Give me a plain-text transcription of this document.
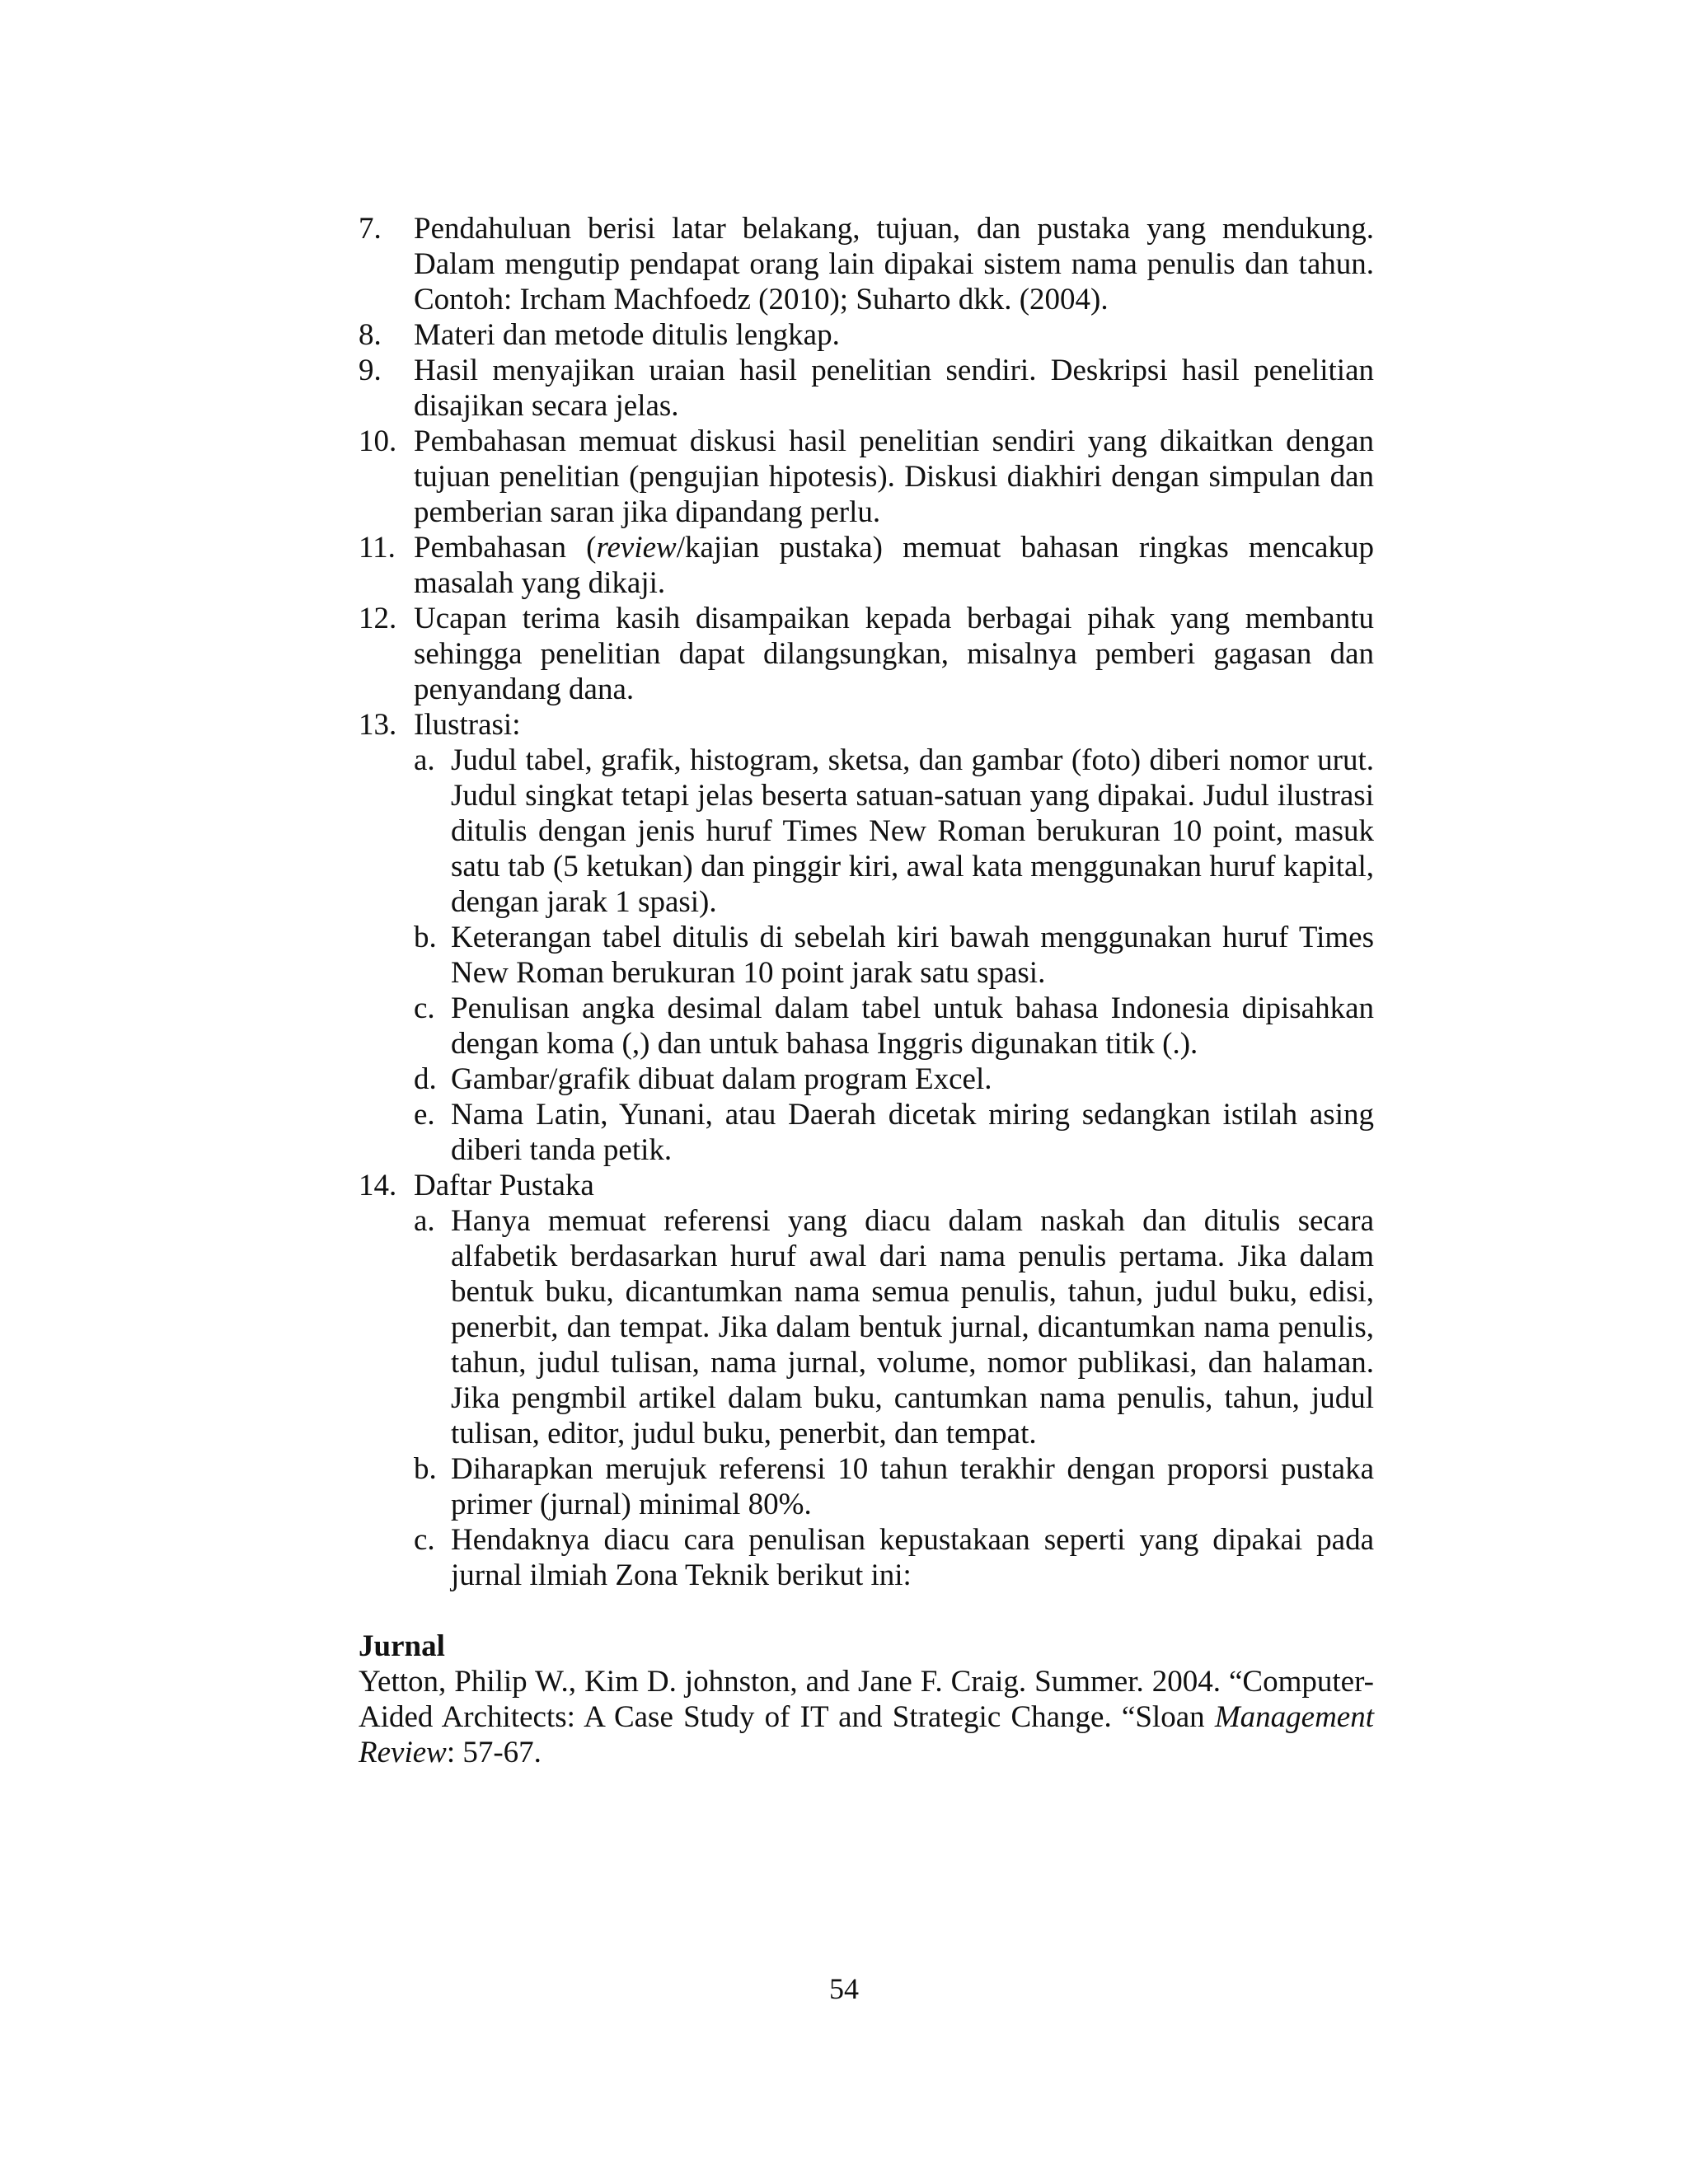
7. Pendahuluan berisi latar belakang, tujuan, dan pustaka yang mendukung. Dalam mengutip pendapat orang lain dipakai sistem nama penulis dan tahun. Contoh: Ircham Machfoedz (2010); Suharto dkk. (2004).
8. Materi dan metode ditulis lengkap.
9. Hasil menyajikan uraian hasil penelitian sendiri. Deskripsi hasil penelitian disajikan secara jelas.
10. Pembahasan memuat diskusi hasil penelitian sendiri yang dikaitkan dengan tujuan penelitian (pengujian hipotesis). Diskusi diakhiri dengan simpulan dan pemberian saran jika dipandang perlu.
11. Pembahasan (review/kajian pustaka) memuat bahasan ringkas mencakup masalah yang dikaji.
12. Ucapan terima kasih disampaikan kepada berbagai pihak yang membantu sehingga penelitian dapat dilangsungkan, misalnya pemberi gagasan dan penyandang dana.
13. Ilustrasi:
a. Judul tabel, grafik, histogram, sketsa, dan gambar (foto) diberi nomor urut. Judul singkat tetapi jelas beserta satuan-satuan yang dipakai. Judul ilustrasi ditulis dengan jenis huruf Times New Roman berukuran 10 point, masuk satu tab (5 ketukan) dan pinggir kiri, awal kata menggunakan huruf kapital, dengan jarak 1 spasi).
b. Keterangan tabel ditulis di sebelah kiri bawah menggunakan huruf Times New Roman berukuran 10 point jarak satu spasi.
c. Penulisan angka desimal dalam tabel untuk bahasa Indonesia dipisahkan dengan koma (,) dan untuk bahasa Inggris digunakan titik (.).
d. Gambar/grafik dibuat dalam program Excel.
e. Nama Latin, Yunani, atau Daerah dicetak miring sedangkan istilah asing diberi tanda petik.
14. Daftar Pustaka
a. Hanya memuat referensi yang diacu dalam naskah dan ditulis secara alfabetik berdasarkan huruf awal dari nama penulis pertama. Jika dalam bentuk buku, dicantumkan nama semua penulis, tahun, judul buku, edisi, penerbit, dan tempat. Jika dalam bentuk jurnal, dicantumkan nama penulis, tahun, judul tulisan, nama jurnal, volume, nomor publikasi, dan halaman. Jika pengmbil artikel dalam buku, cantumkan nama penulis, tahun, judul tulisan, editor, judul buku, penerbit, dan tempat.
b. Diharapkan merujuk referensi 10 tahun terakhir dengan proporsi pustaka primer (jurnal) minimal 80%.
c. Hendaknya diacu cara penulisan kepustakaan seperti yang dipakai pada jurnal ilmiah Zona Teknik berikut ini:
Jurnal
Yetton, Philip W., Kim D. johnston, and Jane F. Craig. Summer. 2004. “Computer-Aided Architects: A Case Study of IT and Strategic Change. “Sloan Management Review: 57-67.
54
